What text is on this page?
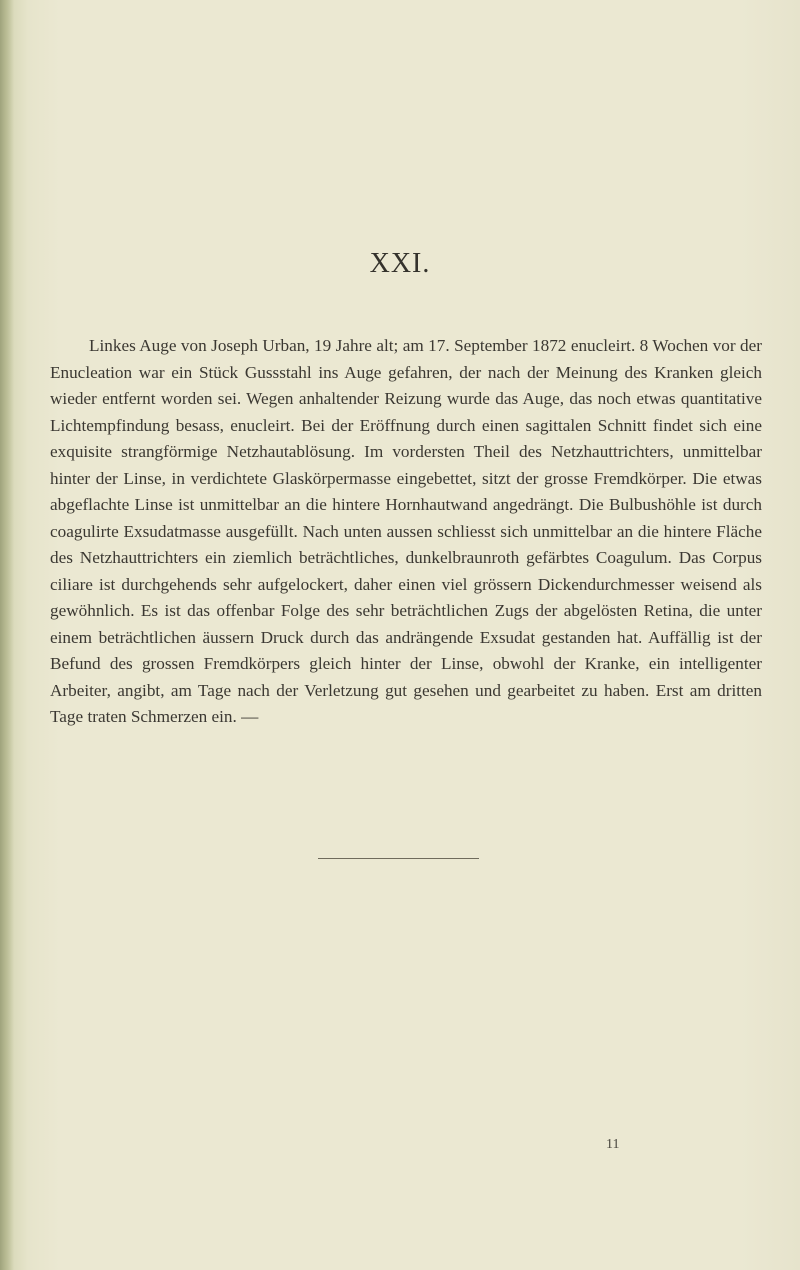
XXI.

Linkes Auge von Joseph Urban, 19 Jahre alt; am 17. September 1872 enucleirt. 8 Wochen vor der Enucleation war ein Stück Gussstahl ins Auge gefahren, der nach der Meinung des Kranken gleich wieder entfernt worden sei. Wegen anhaltender Reizung wurde das Auge, das noch etwas quantitative Lichtempfindung besass, enucleirt. Bei der Eröffnung durch einen sagittalen Schnitt findet sich eine exquisite strangförmige Netzhautablösung. Im vordersten Theil des Netzhauttrichters, unmittelbar hinter der Linse, in verdichtete Glaskörpermasse eingebettet, sitzt der grosse Fremdkörper. Die etwas abgeflachte Linse ist unmittelbar an die hintere Hornhautwand angedrängt. Die Bulbushöhle ist durch coagulirte Exsudatmasse ausgefüllt. Nach unten aussen schliesst sich unmittelbar an die hintere Fläche des Netzhauttrichters ein ziemlich beträchtliches, dunkelbraunroth gefärbtes Coagulum. Das Corpus ciliare ist durchgehends sehr aufgelockert, daher einen viel grössern Dickendurchmesser weisend als gewöhnlich. Es ist das offenbar Folge des sehr beträchtlichen Zugs der abgelösten Retina, die unter einem beträchtlichen äussern Druck durch das andrängende Exsudat gestanden hat. Auffällig ist der Befund des grossen Fremdkörpers gleich hinter der Linse, obwohl der Kranke, ein intelligenter Arbeiter, angibt, am Tage nach der Verletzung gut gesehen und gearbeitet zu haben. Erst am dritten Tage traten Schmerzen ein. —

11
